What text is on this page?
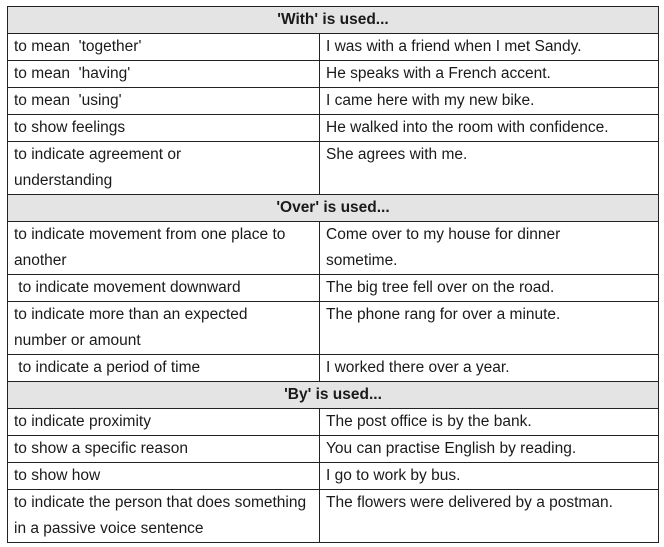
'With' is used...	
to mean  'together'	I was with a friend when I met Sandy.
to mean  'having'	He speaks with a French accent.
to mean  'using'	I came here with my new bike.
to show feelings	He walked into the room with confidence.
to indicate agreement or understanding	She agrees with me.
'Over' is used...	
to indicate movement from one place to another	Come over to my house for dinner sometime.
to indicate movement downward	The big tree fell over on the road.
to indicate more than an expected number or amount	The phone rang for over a minute.
to indicate a period of time	I worked there over a year.
'By' is used...	
to indicate proximity	The post office is by the bank.
to show a specific reason	You can practise English by reading.
to show how	I go to work by bus.
to indicate the person that does something in a passive voice sentence	The flowers were delivered by a postman.
